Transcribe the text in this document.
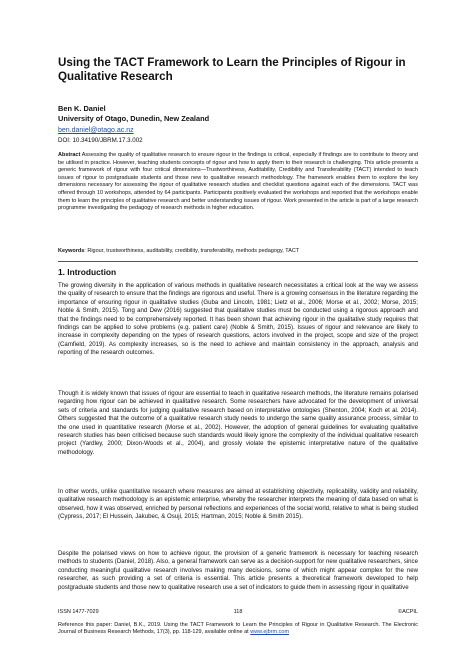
Using the TACT Framework to Learn the Principles of Rigour in Qualitative Research

Ben K. Daniel

University of Otago, Dunedin, New Zealand

ben.daniel@otago.ac.nz
DOI: 10.34190/JBRM.17.3.002

Abstract Assessing the quality of qualitative research to ensure rigour in the findings is critical, especially if findings are to contribute to theory and be utilised in practice. However, teaching students concepts of rigour and how to apply them to their research is challenging. This article presents a generic framework of rigour with four critical dimensions—Trustworthiness, Auditability, Credibility and Transferability (TACT) intended to teach issues of rigour to postgraduate students and those new to qualitative research methodology. The framework enables them to explore the key dimensions necessary for assessing the rigour of qualitative research studies and checklist questions against each of the dimensions. TACT was offered through 10 workshops, attended by 64 participants. Participants positively evaluated the workshops and reported that the workshops enable them to learn the principles of qualitative research and better understanding issues of rigour. Work presented in the article is part of a large research programme investigating the pedagogy of research methods in higher education.

Keywords: Rigour, trustworthiness, auditability, credibility, transferability, methods pedagogy, TACT

1. Introduction

The growing diversity in the application of various methods in qualitative research necessitates a critical look at the way we assess the quality of research to ensure that the findings are rigorous and useful. There is a growing consensus in the literature regarding the importance of ensuring rigour in qualitative studies (Guba and Lincoln, 1981; Lietz et al., 2006; Morse et al., 2002; Morse, 2015; Noble & Smith, 2015). Tong and Dew (2016) suggested that qualitative studies must be conducted using a rigorous approach and that the findings need to be comprehensively reported. It has been shown that achieving rigour in the qualitative study requires that findings can be applied to solve problems (e.g. patient care) (Noble & Smith, 2015). Issues of rigour and relevance are likely to increase in complexity depending on the types of research questions, actors involved in the project, scope and size of the project (Camfield, 2019). As complexity increases, so is the need to achieve and maintain consistency in the approach, analysis and reporting of the research outcomes.

Though it is widely known that issues of rigour are essential to teach in qualitative research methods, the literature remains polarised regarding how rigour can be achieved in qualitative research. Some researchers have advocated for the development of universal sets of criteria and standards for judging qualitative research based on interpretative ontologies (Shenton, 2004; Koch et al. 2014). Others suggested that the outcome of a qualitative research study needs to undergo the same quality assurance process, similar to the one used in quantitative research (Morse et al., 2002). However, the adoption of general guidelines for evaluating qualitative research studies has been criticised because such standards would likely ignore the complexity of the individual qualitative research project (Yardley, 2000; Dixon-Woods et al., 2004), and grossly violate the epistemic interpretative nature of the qualitative methodology.

In other words, unlike quantitative research where measures are aimed at establishing objectivity, replicability, validity and reliability, qualitative research methodology is an epistemic enterprise, whereby the researcher interprets the meaning of data based on what is observed, how it was observed, enriched by personal reflections and experiences of the social world, relative to what is being studied (Cypress, 2017; El Hussein, Jakubec, & Osuji, 2015; Hartman, 2015; Noble & Smith 2015).

Despite the polarised views on how to achieve rigour, the provision of a generic framework is necessary for teaching research methods to students (Daniel, 2018). Also, a general framework can serve as a decision-support for new qualitative researchers, since conducting meaningful qualitative research involves making many decisions, some of which might appear complex for the new researcher, as such providing a set of criteria is essential. This article presents a theoretical framework developed to help postgraduate students and those new to qualitative research use a set of indicators to guide them in assessing rigour in qualitative

ISSN 1477-7029	118	©ACPIL

Reference this paper: Daniel, B.K., 2019. Using the TACT Framework to Learn the Principles of Rigour in Qualitative Research. The Electronic Journal of Business Research Methods, 17(3), pp. 118-129, available online at www.ejbrm.com
